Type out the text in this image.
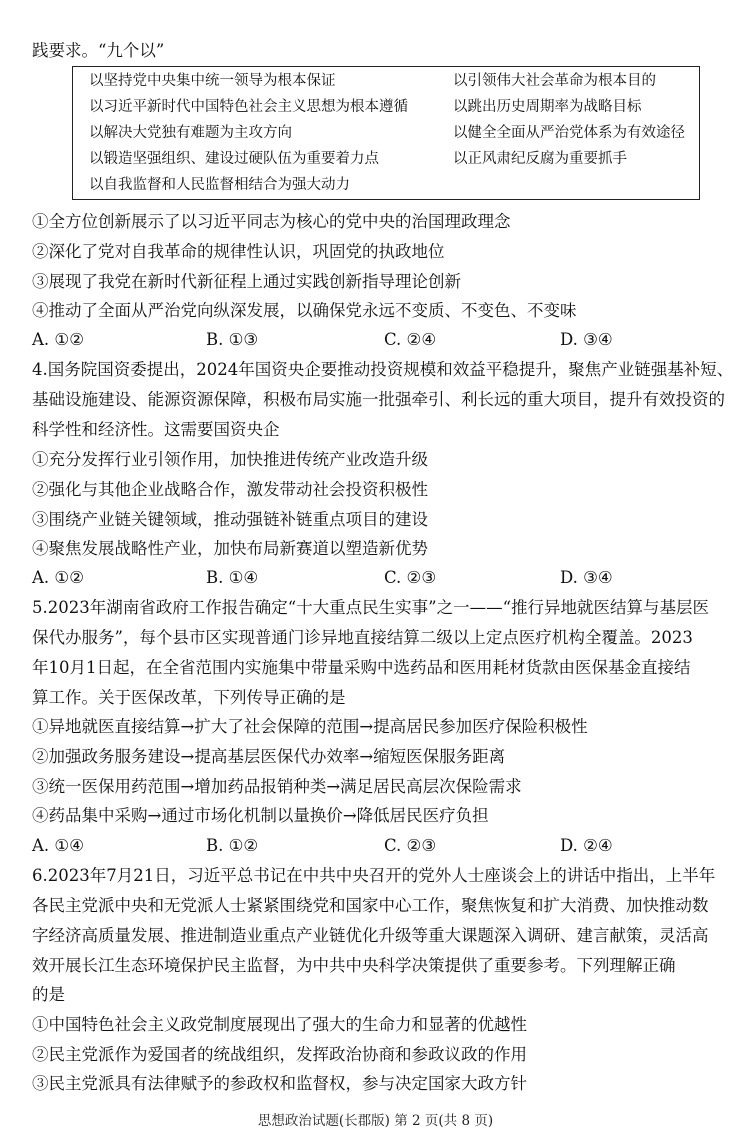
践要求。“九个以”
以坚持党中央集中统一领导为根本保证
以习近平新时代中国特色社会主义思想为根本遵循
以解决大党独有难题为主攻方向
以锻造坚强组织、建设过硬队伍为重要着力点
以自我监督和人民监督相结合为强大动力
以引领伟大社会革命为根本目的
以跳出历史周期率为战略目标
以健全全面从严治党体系为有效途径
以正风肃纪反腐为重要抓手
①全方位创新展示了以习近平同志为核心的党中央的治国理政理念
②深化了党对自我革命的规律性认识，巩固党的执政地位
③展现了我党在新时代新征程上通过实践创新指导理论创新
④推动了全面从严治党向纵深发展，以确保党永远不变质、不变色、不变味
A. ①②	B. ①③	C. ②④	D. ③④
4.国务院国资委提出，2024年国资央企要推动投资规模和效益平稳提升，聚焦产业链强基补短、
基础设施建设、能源资源保障，积极布局实施一批强牵引、利长远的重大项目，提升有效投资的
科学性和经济性。这需要国资央企
①充分发挥行业引领作用，加快推进传统产业改造升级
②强化与其他企业战略合作，激发带动社会投资积极性
③围绕产业链关键领域，推动强链补链重点项目的建设
④聚焦发展战略性产业，加快布局新赛道以塑造新优势
A. ①②	B. ①④	C. ②③	D. ③④
5.2023年湖南省政府工作报告确定“十大重点民生实事”之一——“推行异地就医结算与基层医
保代办服务”，每个县市区实现普通门诊异地直接结算二级以上定点医疗机构全覆盖。2023
年10月1日起，在全省范围内实施集中带量采购中选药品和医用耗材货款由医保基金直接结
算工作。关于医保改革，下列传导正确的是
①异地就医直接结算→扩大了社会保障的范围→提高居民参加医疗保险积极性
②加强政务服务建设→提高基层医保代办效率→缩短医保服务距离
③统一医保用药范围→增加药品报销种类→满足居民高层次保险需求
④药品集中采购→通过市场化机制以量换价→降低居民医疗负担
A. ①④	B. ①②	C. ②③	D. ②④
6.2023年7月21日，习近平总书记在中共中央召开的党外人士座谈会上的讲话中指出，上半年
各民主党派中央和无党派人士紧紧围绕党和国家中心工作，聚焦恢复和扩大消费、加快推动数
字经济高质量发展、推进制造业重点产业链优化升级等重大课题深入调研、建言献策，灵活高
效开展长江生态环境保护民主监督，为中共中央科学决策提供了重要参考。下列理解正确
的是
①中国特色社会主义政党制度展现出了强大的生命力和显著的优越性
②民主党派作为爱国者的统战组织，发挥政治协商和参政议政的作用
③民主党派具有法律赋予的参政权和监督权，参与决定国家大政方针
思想政治试题(长郡版) 第 2 页(共 8 页)
